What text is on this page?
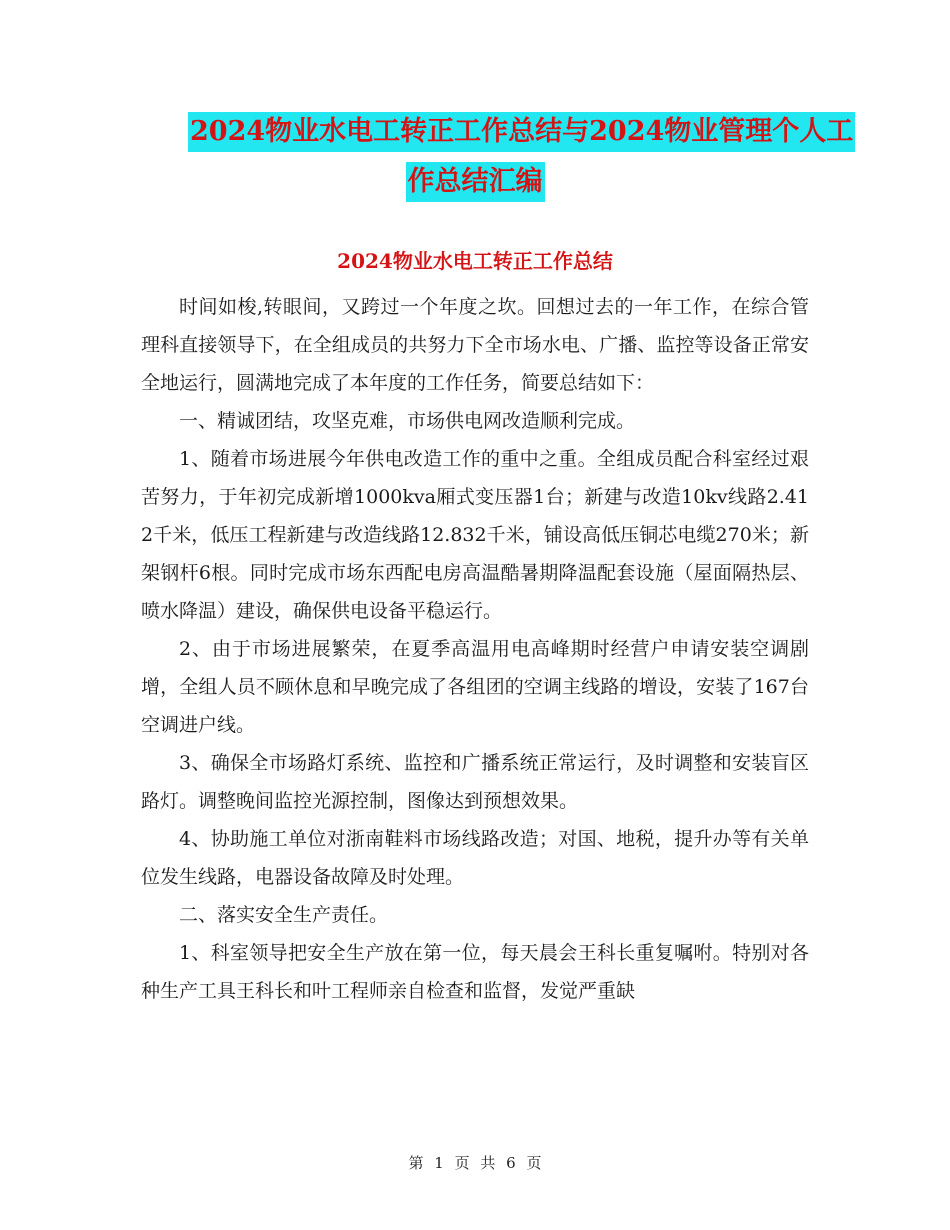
2024物业水电工转正工作总结与2024物业管理个人工
作总结汇编
2024物业水电工转正工作总结

时间如梭,转眼间，又跨过一个年度之坎。回想过去的一年工作，在综合管理科直接领导下，在全组成员的共努力下全市场水电、广播、监控等设备正常安全地运行，圆满地完成了本年度的工作任务，简要总结如下：

一、精诚团结，攻坚克难，市场供电网改造顺利完成。

1、随着市场进展今年供电改造工作的重中之重。全组成员配合科室经过艰苦努力，于年初完成新增1000kva厢式变压器1台；新建与改造10kv线路2.412千米，低压工程新建与改造线路12.832千米，铺设高低压铜芯电缆270米；新架钢杆6根。同时完成市场东西配电房高温酷暑期降温配套设施（屋面隔热层、喷水降温）建设，确保供电设备平稳运行。

2、由于市场进展繁荣，在夏季高温用电高峰期时经营户申请安装空调剧增，全组人员不顾休息和早晚完成了各组团的空调主线路的增设，安装了167台空调进户线。

3、确保全市场路灯系统、监控和广播系统正常运行，及时调整和安装盲区路灯。调整晚间监控光源控制，图像达到预想效果。

4、协助施工单位对浙南鞋料市场线路改造；对国、地税，提升办等有关单位发生线路，电器设备故障及时处理。

二、落实安全生产责任。

1、科室领导把安全生产放在第一位，每天晨会王科长重复嘱咐。特别对各种生产工具王科长和叶工程师亲自检查和监督，发觉严重缺

第 1 页 共 6 页
